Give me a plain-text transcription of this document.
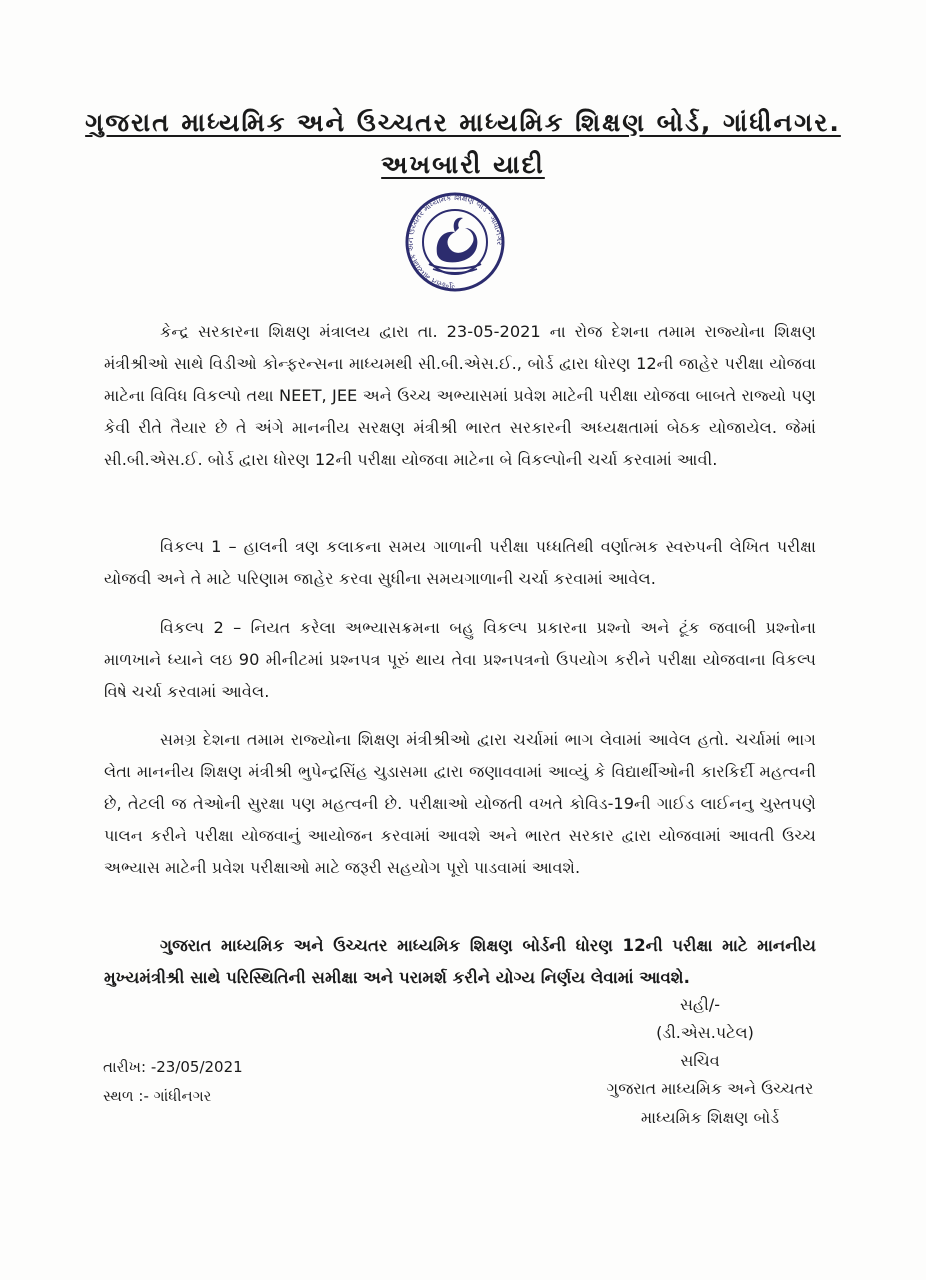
ગુજરાત માધ્યમિક અને ઉચ્ચતર માધ્યમિક શિક્ષણ બોર્ડ, ગાંધીનગર.
અખબારી યાદી
ગુજરાત માધ્યમિક અને ઉચ્ચતર માધ્યમિક શિક્ષણ બોર્ડ · ગાંધીનગર

કેન્દ્ર સરકારના શિક્ષણ મંત્રાલય દ્વારા તા. 23-05-2021 ના રોજ દેશના તમામ રાજ્યોના શિક્ષણ મંત્રીશ્રીઓ સાથે વિડીઓ કોન્ફરન્સના માધ્યમથી સી.બી.એસ.ઈ., બોર્ડ દ્વારા ધોરણ 12ની જાહેર પરીક્ષા યોજવા માટેના વિવિધ વિકલ્પો તથા NEET, JEE અને ઉચ્ચ અભ્યાસમાં પ્રવેશ માટેની પરીક્ષા યોજવા બાબતે રાજ્યો પણ કેવી રીતે તૈયાર છે તે અંગે માનનીય સરક્ષણ મંત્રીશ્રી ભારત સરકારની અધ્યક્ષતામાં બેઠક યોજાયેલ. જેમાં સી.બી.એસ.ઈ. બોર્ડ દ્વારા ધોરણ 12ની પરીક્ષા યોજવા માટેના બે વિકલ્પોની ચર્ચા કરવામાં આવી.

વિકલ્પ 1 – હાલની ત્રણ કલાકના સમય ગાળાની પરીક્ષા પધ્ધતિથી વર્ણાત્મક સ્વરુપની લેખિત પરીક્ષા યોજવી અને તે માટે પરિણામ જાહેર કરવા સુધીના સમયગાળાની ચર્ચા કરવામાં આવેલ.

વિકલ્પ 2 – નિયત કરેલા અભ્યાસક્રમના બહુ વિકલ્પ પ્રકારના પ્રશ્નો અને ટૂંક જવાબી પ્રશ્નોના માળખાને ધ્યાને લઇ 90 મીનીટમાં પ્રશ્નપત્ર પૂરું થાય તેવા પ્રશ્નપત્રનો ઉપયોગ કરીને પરીક્ષા યોજવાના વિકલ્પ વિષે ચર્ચા કરવામાં આવેલ.

સમગ્ર દેશના તમામ રાજ્યોના શિક્ષણ મંત્રીશ્રીઓ દ્વારા ચર્ચામાં ભાગ લેવામાં આવેલ હતો. ચર્ચામાં ભાગ લેતા માનનીય શિક્ષણ મંત્રીશ્રી ભુપેન્દ્રસિંહ ચુડાસમા દ્વારા જણાવવામાં આવ્યું કે વિદ્યાર્થીઓની કારકિર્દી મહત્વની છે, તેટલી જ તેઓની સુરક્ષા પણ મહત્વની છે. પરીક્ષાઓ યોજતી વખતે કોવિડ-19ની ગાઈડ લાઈનનુ ચુસ્તપણે પાલન કરીને પરીક્ષા યોજવાનું આયોજન કરવામાં આવશે અને ભારત સરકાર દ્વારા યોજવામાં આવતી ઉચ્ચ અભ્યાસ માટેની પ્રવેશ પરીક્ષાઓ માટે જરૂરી સહયોગ પૂરો પાડવામાં આવશે.

ગુજરાત માધ્યમિક અને ઉચ્ચતર માધ્યમિક શિક્ષણ બોર્ડની ધોરણ 12ની પરીક્ષા માટે માનનીય મુખ્યમંત્રીશ્રી સાથે પરિસ્થિતિની સમીક્ષા અને પરામર્શ કરીને યોગ્ય નિર્ણય લેવામાં આવશે.

સહી/-
(ડી.એસ.પટેલ)
સચિવ
ગુજરાત માધ્યમિક અને ઉચ્ચતર માધ્યમિક શિક્ષણ બોર્ડ
તારીખ: -23/05/2021
સ્થળ :- ગાંધીનગર
